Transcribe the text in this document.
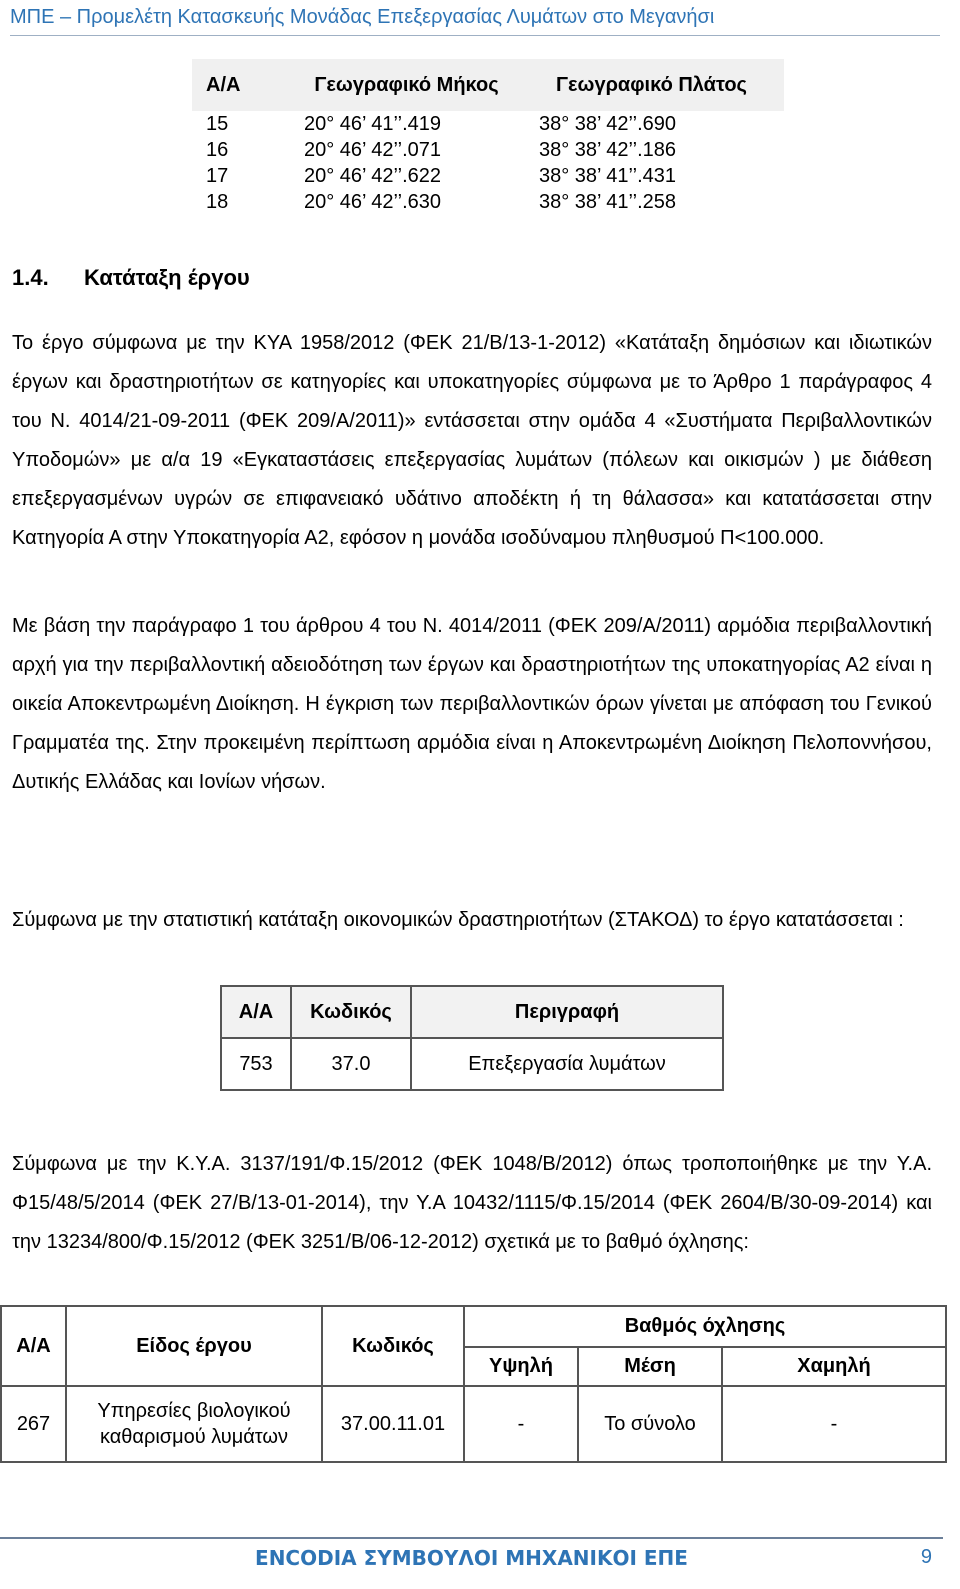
ΜΠΕ – Προμελέτη Κατασκευής Μονάδας Επεξεργασίας Λυμάτων στο Μεγανήσι
Α/Α	Γεωγραφικό Μήκος	Γεωγραφικό Πλάτος
15	20° 46’ 41’’.419	38° 38’ 42’’.690
16	20° 46’ 42’’.071	38° 38’ 42’’.186
17	20° 46’ 42’’.622	38° 38’ 41’’.431
18	20° 46’ 42’’.630	38° 38’ 41’’.258
1.4. Κατάταξη έργου
Το έργο σύμφωνα με την ΚΥΑ 1958/2012 (ΦΕΚ 21/Β/13-1-2012) «Κατάταξη δημόσιων και ιδιωτικών έργων και δραστηριοτήτων σε κατηγορίες και υποκατηγορίες σύμφωνα με το Άρθρο 1 παράγραφος 4 του Ν. 4014/21-09-2011 (ΦΕΚ 209/Α/2011)» εντάσσεται στην ομάδα 4 «Συστήματα Περιβαλλοντικών Υποδομών» με α/α 19 «Εγκαταστάσεις επεξεργασίας λυμάτων (πόλεων και οικισμών ) με διάθεση επεξεργασμένων υγρών σε επιφανειακό υδάτινο αποδέκτη ή τη θάλασσα» και κατατάσσεται στην Κατηγορία Α στην Υποκατηγορία Α2, εφόσον η μονάδα ισοδύναμου πληθυσμού Π<100.000.
Με βάση την παράγραφο 1 του άρθρου 4 του Ν. 4014/2011 (ΦΕΚ 209/Α/2011) αρμόδια περιβαλλοντική αρχή για την περιβαλλοντική αδειοδότηση των έργων και δραστηριοτήτων της υποκατηγορίας Α2 είναι η οικεία Αποκεντρωμένη Διοίκηση. Η έγκριση των περιβαλλοντικών όρων γίνεται με απόφαση του Γενικού Γραμματέα της. Στην προκειμένη περίπτωση αρμόδια είναι η Αποκεντρωμένη Διοίκηση Πελοποννήσου, Δυτικής Ελλάδας και Ιονίων νήσων.
Σύμφωνα με την στατιστική κατάταξη οικονομικών δραστηριοτήτων (ΣΤΑΚΟΔ) το έργο κατατάσσεται :
Α/Α	Κωδικός	Περιγραφή
753	37.0	Επεξεργασία λυμάτων
Σύμφωνα με την Κ.Υ.Α. 3137/191/Φ.15/2012 (ΦΕΚ 1048/Β/2012) όπως τροποποιήθηκε με την Υ.Α. Φ15/48/5/2014 (ΦΕΚ 27/Β/13-01-2014), την Υ.Α 10432/1115/Φ.15/2014 (ΦΕΚ 2604/Β/30-09-2014) και την 13234/800/Φ.15/2012 (ΦΕΚ 3251/Β/06-12-2012) σχετικά με το βαθμό όχλησης:
Α/Α	Είδος έργου	Κωδικός	Βαθμός όχλησης		
			Υψηλή	Μέση	Χαμηλή
267	Υπηρεσίες βιολογικού
καθαρισμού λυμάτων	37.00.11.01	-	Το σύνολο	-
ENCODIA ΣΥΜΒΟΥΛΟΙ ΜΗΧΑΝΙΚΟΙ ΕΠΕ	9
